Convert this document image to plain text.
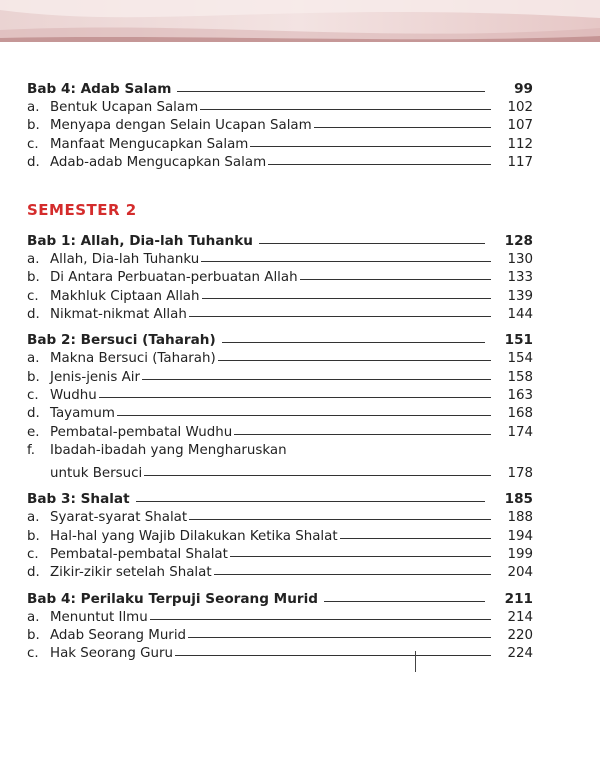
Bab 4: Adab Salam	99
a. Bentuk Ucapan Salam	102
b. Menyapa dengan Selain Ucapan Salam	107
c. Manfaat Mengucapkan Salam	112
d. Adab-adab Mengucapkan Salam	117
SEMESTER 2
Bab 1: Allah, Dia-lah Tuhanku	128
a. Allah, Dia-lah Tuhanku	130
b. Di Antara Perbuatan-perbuatan Allah	133
c. Makhluk Ciptaan Allah	139
d. Nikmat-nikmat Allah	144
Bab 2: Bersuci (Taharah)	151
a. Makna Bersuci (Taharah)	154
b. Jenis-jenis Air	158
c. Wudhu	163
d. Tayamum	168
e. Pembatal-pembatal Wudhu	174
f.	Ibadah-ibadah yang Mengharuskan
untuk Bersuci	178
Bab 3: Shalat	185
a. Syarat-syarat Shalat	188
b. Hal-hal yang Wajib Dilakukan Ketika Shalat	194
c. Pembatal-pembatal Shalat	199
d. Zikir-zikir setelah Shalat	204
Bab 4: Perilaku Terpuji Seorang Murid	211
a. Menuntut Ilmu	214
b. Adab Seorang Murid	220
c. Hak Seorang Guru	224
